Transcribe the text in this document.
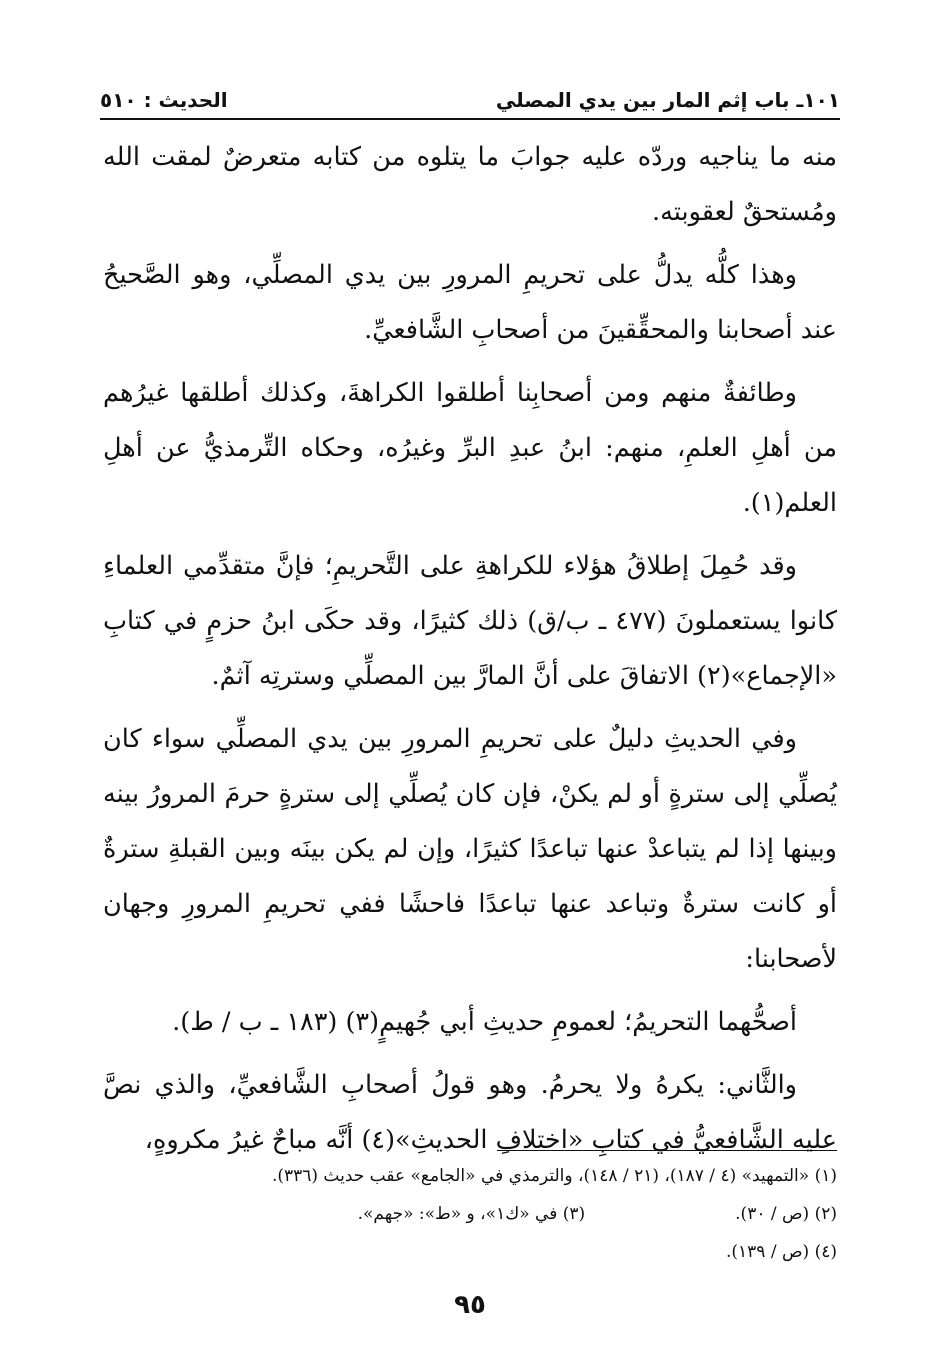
١٠١ـ باب إثم المار بين يدي المصلي
الحديث : ٥١٠

منه ما يناجيه وردّه عليه جوابَ ما يتلوه من كتابه متعرضٌ لمقت الله ومُستحقٌ لعقوبته.

وهذا كلُّه يدلُّ على تحريمِ المرورِ بين يدي المصلِّي، وهو الصَّحيحُ عند أصحابنا والمحقِّقينَ من أصحابِ الشَّافعيِّ.

وطائفةٌ منهم ومن أصحابِنا أطلقوا الكراهةَ، وكذلك أطلقها غيرُهم من أهلِ العلمِ، منهم: ابنُ عبدِ البرِّ وغيرُه، وحكاه التِّرمذيُّ عن أهلِ العلم(١).

وقد حُمِلَ إطلاقُ هؤلاء للكراهةِ على التَّحريمِ؛ فإنَّ متقدِّمي العلماءِ كانوا يستعملونَ (٤٧٧ ـ ب/ق) ذلك كثيرًا، وقد حكَى ابنُ حزمٍ في كتابِ «الإجماع»(٢) الاتفاقَ على أنَّ المارَّ بين المصلِّي وسترتِه آثمٌ.

وفي الحديثِ دليلٌ على تحريمِ المرورِ بين يدي المصلِّي سواء كان يُصلِّي إلى سترةٍ أو لم يكنْ، فإن كان يُصلِّي إلى سترةٍ حرمَ المرورُ بينه وبينها إذا لم يتباعدْ عنها تباعدًا كثيرًا، وإن لم يكن بينَه وبين القبلةِ سترةٌ أو كانت سترةٌ وتباعد عنها تباعدًا فاحشًا ففي تحريمِ المرورِ وجهان لأصحابنا:

أصحُّهما التحريمُ؛ لعمومِ حديثِ أبي جُهيمٍ(٣) (١٨٣ ـ ب / ط).

والثَّاني: يكرهُ ولا يحرمُ. وهو قولُ أصحابِ الشَّافعيِّ، والذي نصَّ عليه الشَّافعيُّ في كتابِ «اختلافِ الحديثِ»(٤) أنَّه مباحٌ غيرُ مكروهٍ،

(١) «التمهيد» (٤ / ١٨٧)، (٢١ / ١٤٨)، والترمذي في «الجامع» عقب حديث (٣٣٦).
(٢) (ص / ٣٠).
(٣) في «ك١»، و «ط»: «جهم».
(٤) (ص / ١٣٩).
٩٥
